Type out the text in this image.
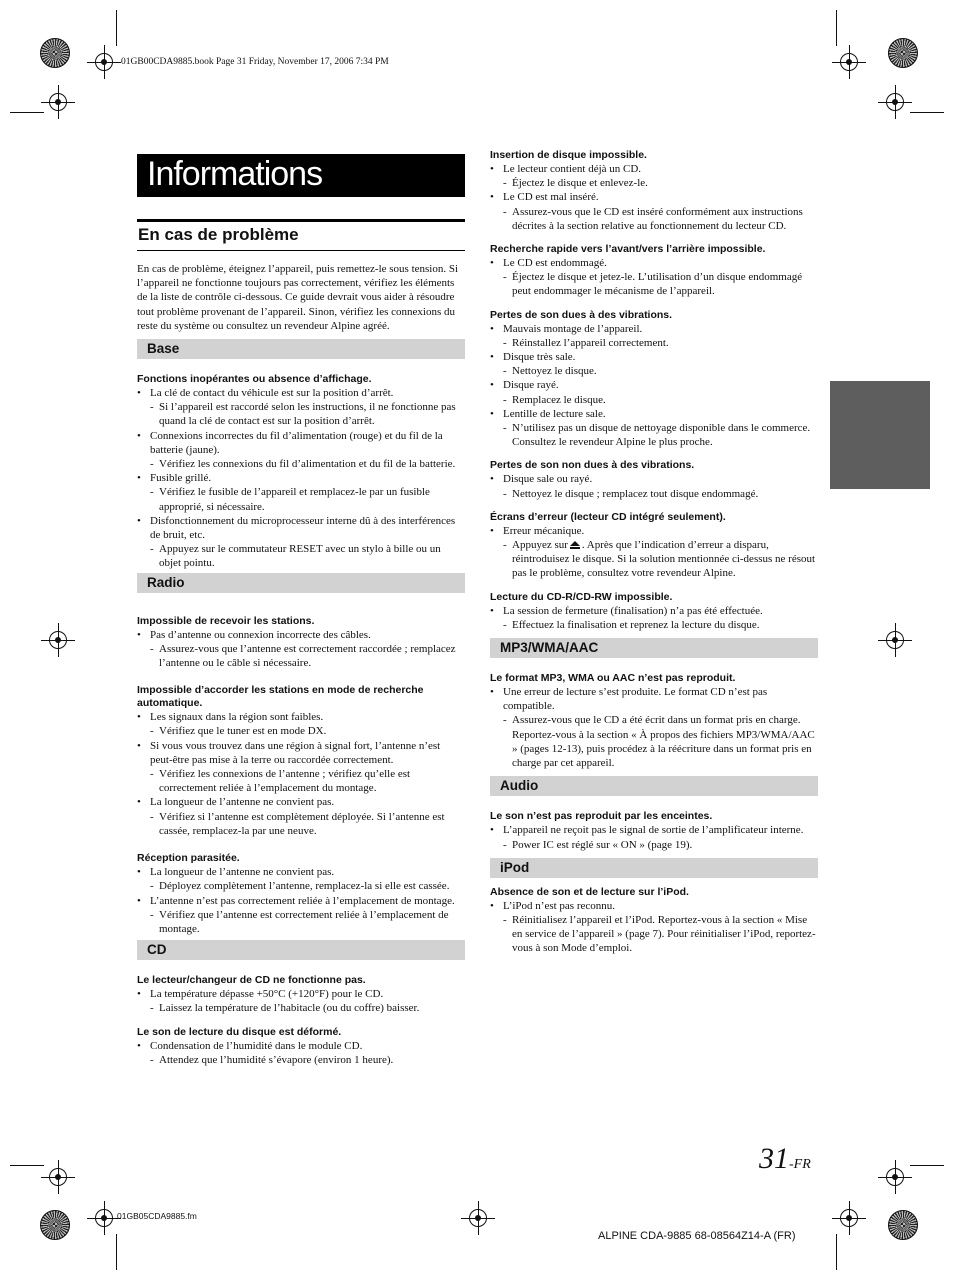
01GB00CDA9885.book Page 31 Friday, November 17, 2006 7:34 PM
01GB05CDA9885.fm
ALPINE CDA-9885 68-08564Z14-A (FR)
31-FR
Informations
En cas de problème
En cas de problème, éteignez l’appareil, puis remettez-le sous tension. Si l’appareil ne fonctionne toujours pas correctement, vérifiez les éléments de la liste de contrôle ci-dessous. Ce guide devrait vous aider à résoudre tout problème provenant de l’appareil. Sinon, vérifiez les connexions du reste du système ou consultez un revendeur Alpine agréé.
Base
Fonctions inopérantes ou absence d’affichage.
• La clé de contact du véhicule est sur la position d’arrêt.
- Si l’appareil est raccordé selon les instructions, il ne fonctionne pas quand la clé de contact est sur la position d’arrêt.
• Connexions incorrectes du fil d’alimentation (rouge) et du fil de la batterie (jaune).
- Vérifiez les connexions du fil d’alimentation et du fil de la batterie.
• Fusible grillé.
- Vérifiez le fusible de l’appareil et remplacez-le par un fusible approprié, si nécessaire.
• Disfonctionnement du microprocesseur interne dû à des interférences de bruit, etc.
- Appuyez sur le commutateur RESET avec un stylo à bille ou un objet pointu.
Radio
Impossible de recevoir les stations.
• Pas d’antenne ou connexion incorrecte des câbles.
- Assurez-vous que l’antenne est correctement raccordée ; remplacez l’antenne ou le câble si nécessaire.
Impossible d’accorder les stations en mode de recherche automatique.
• Les signaux dans la région sont faibles.
- Vérifiez que le tuner est en mode DX.
• Si vous vous trouvez dans une région à signal fort, l’antenne n’est peut-être pas mise à la terre ou raccordée correctement.
- Vérifiez les connexions de l’antenne ; vérifiez qu’elle est correctement reliée à l’emplacement du montage.
• La longueur de l’antenne ne convient pas.
- Vérifiez si l’antenne est complètement déployée. Si l’antenne est cassée, remplacez-la par une neuve.
Réception parasitée.
• La longueur de l’antenne ne convient pas.
- Déployez complètement l’antenne, remplacez-la si elle est cassée.
• L’antenne n’est pas correctement reliée à l’emplacement de montage.
- Vérifiez que l’antenne est correctement reliée à l’emplacement de montage.
CD
Le lecteur/changeur de CD ne fonctionne pas.
• La température dépasse +50°C (+120°F) pour le CD.
- Laissez la température de l’habitacle (ou du coffre) baisser.
Le son de lecture du disque est déformé.
• Condensation de l’humidité dans le module CD.
- Attendez que l’humidité s’évapore (environ 1 heure).
Insertion de disque impossible.
• Le lecteur contient déjà un CD.
- Éjectez le disque et enlevez-le.
• Le CD est mal inséré.
- Assurez-vous que le CD est inséré conformément aux instructions décrites à la section relative au fonctionnement du lecteur CD.
Recherche rapide vers l’avant/vers l’arrière impossible.
• Le CD est endommagé.
- Éjectez le disque et jetez-le. L’utilisation d’un disque endommagé peut endommager le mécanisme de l’appareil.
Pertes de son dues à des vibrations.
• Mauvais montage de l’appareil.
- Réinstallez l’appareil correctement.
• Disque très sale.
- Nettoyez le disque.
• Disque rayé.
- Remplacez le disque.
• Lentille de lecture sale.
- N’utilisez pas un disque de nettoyage disponible dans le commerce. Consultez le revendeur Alpine le plus proche.
Pertes de son non dues à des vibrations.
• Disque sale ou rayé.
- Nettoyez le disque ; remplacez tout disque endommagé.
Écrans d’erreur (lecteur CD intégré seulement).
• Erreur mécanique.
- Appuyez sur . Après que l’indication d’erreur a disparu, réintroduisez le disque. Si la solution mentionnée ci-dessus ne résout pas le problème, consultez votre revendeur Alpine.
Lecture du CD-R/CD-RW impossible.
• La session de fermeture (finalisation) n’a pas été effectuée.
- Effectuez la finalisation et reprenez la lecture du disque.
MP3/WMA/AAC
Le format MP3, WMA ou AAC n’est pas reproduit.
• Une erreur de lecture s’est produite. Le format CD n’est pas compatible.
- Assurez-vous que le CD a été écrit dans un format pris en charge. Reportez-vous à la section « À propos des fichiers MP3/WMA/AAC » (pages 12-13), puis procédez à la réécriture dans un format pris en charge par cet appareil.
Audio
Le son n’est pas reproduit par les enceintes.
• L’appareil ne reçoit pas le signal de sortie de l’amplificateur interne.
- Power IC est réglé sur « ON » (page 19).
iPod
Absence de son et de lecture sur l’iPod.
• L’iPod n’est pas reconnu.
- Réinitialisez l’appareil et l’iPod. Reportez-vous à la section « Mise en service de l’appareil » (page 7). Pour réinitialiser l’iPod, reportez-vous à son Mode d’emploi.
